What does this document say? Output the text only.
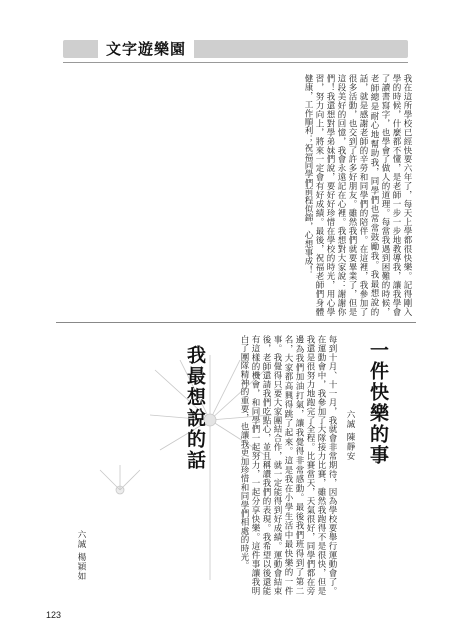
文字遊樂園
我在這所學校已經快要六年了，每天上學都很快樂。記得剛入學的時候，什麼都不懂，是老師一步一步地教導我，讓我學會了讀書寫字，也學會了做人的道理。每當我遇到困難的時候，老師總是耐心地幫助我，同學們也常常鼓勵我。我最想說的話，就是感謝老師的辛勞和同學們的陪伴。在這裡，我參加了很多活動，也交到了許多好朋友。雖然我們就要畢業了，但是這段美好的回憶，我會永遠記在心裡。我想對大家說：謝謝你們！我還想對學弟妹們說，要好好珍惜在學校的時光，用心學習，努力向上，將來一定會有好成績。最後，祝福老師們身體健康，工作順利；祝福同學們前程似錦，心想事成！
一件快樂的事
六誠 陳靜安
每到十月、十一月，我就會非常期待，因為學校要舉行運動會了。在運動會中，我參加了大隊接力比賽，雖然我跑得不是很快，但是我還是很努力地跑完了全程。比賽當天，天氣很好，同學們都在旁邊為我們加油打氣，讓我覺得非常感動。最後我們班得到了第二名，大家都高興得跳了起來。這是我在小學生活中最快樂的一件事。我覺得只要大家團結合作，就一定能得到好成績。運動會結束後，老師還請我們吃點心，並且稱讚我們的表現。我希望以後還能有這樣的機會，和同學們一起努力，一起分享快樂。這件事讓我明白了團隊精神的重要，也讓我更加珍惜和同學們相處的時光。
我最想說的話
六誠 楊穎如
123
